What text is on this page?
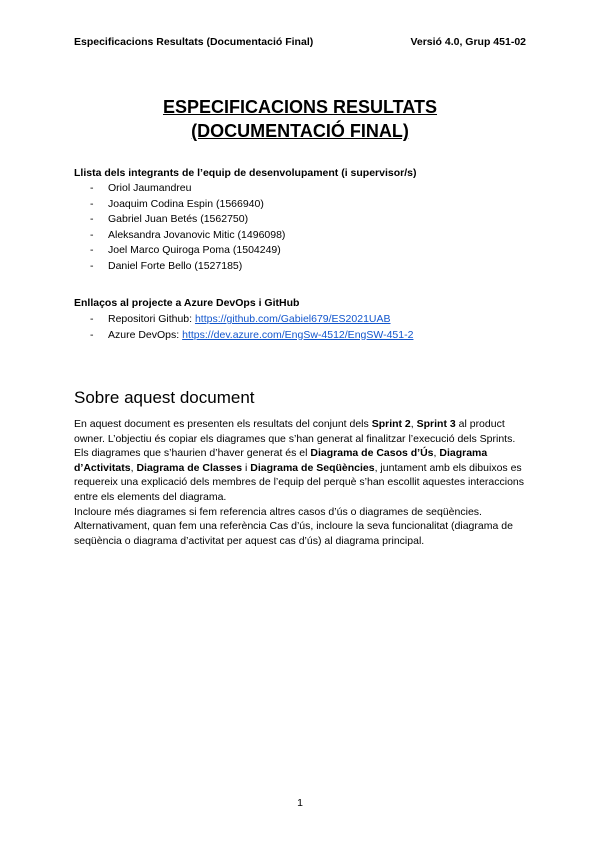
Especificacions Resultats (Documentació Final)	Versió 4.0, Grup 451-02
ESPECIFICACIONS RESULTATS
(DOCUMENTACIÓ FINAL)
Llista dels integrants de l’equip de desenvolupament (i supervisor/s)
- Oriol Jaumandreu
- Joaquim Codina Espin (1566940)
- Gabriel Juan Betés (1562750)
- Aleksandra Jovanovic Mitic (1496098)
- Joel Marco Quiroga Poma (1504249)
- Daniel Forte Bello (1527185)
Enllaços al projecte a Azure DevOps i GitHub
- Repositori Github: https://github.com/Gabiel679/ES2021UAB
- Azure DevOps: https://dev.azure.com/EngSw-4512/EngSW-451-2
Sobre aquest document

En aquest document es presenten els resultats del conjunt dels Sprint 2, Sprint 3 al product owner. L’objectiu és copiar els diagrames que s’han generat al finalitzar l’execució dels Sprints.

Els diagrames que s’haurien d’haver generat és el Diagrama de Casos d’Ús, Diagrama d’Activitats, Diagrama de Classes i Diagrama de Seqüències, juntament amb els dibuixos es requereix una explicació dels membres de l’equip del perquè s’han escollit aquestes interaccions entre els elements del diagrama.

Incloure més diagrames si fem referencia altres casos d’ús o diagrames de seqüències.

Alternativament, quan fem una referència Cas d’ús, incloure la seva funcionalitat (diagrama de seqüència o diagrama d’activitat per aquest cas d’ús) al diagrama principal.

1
